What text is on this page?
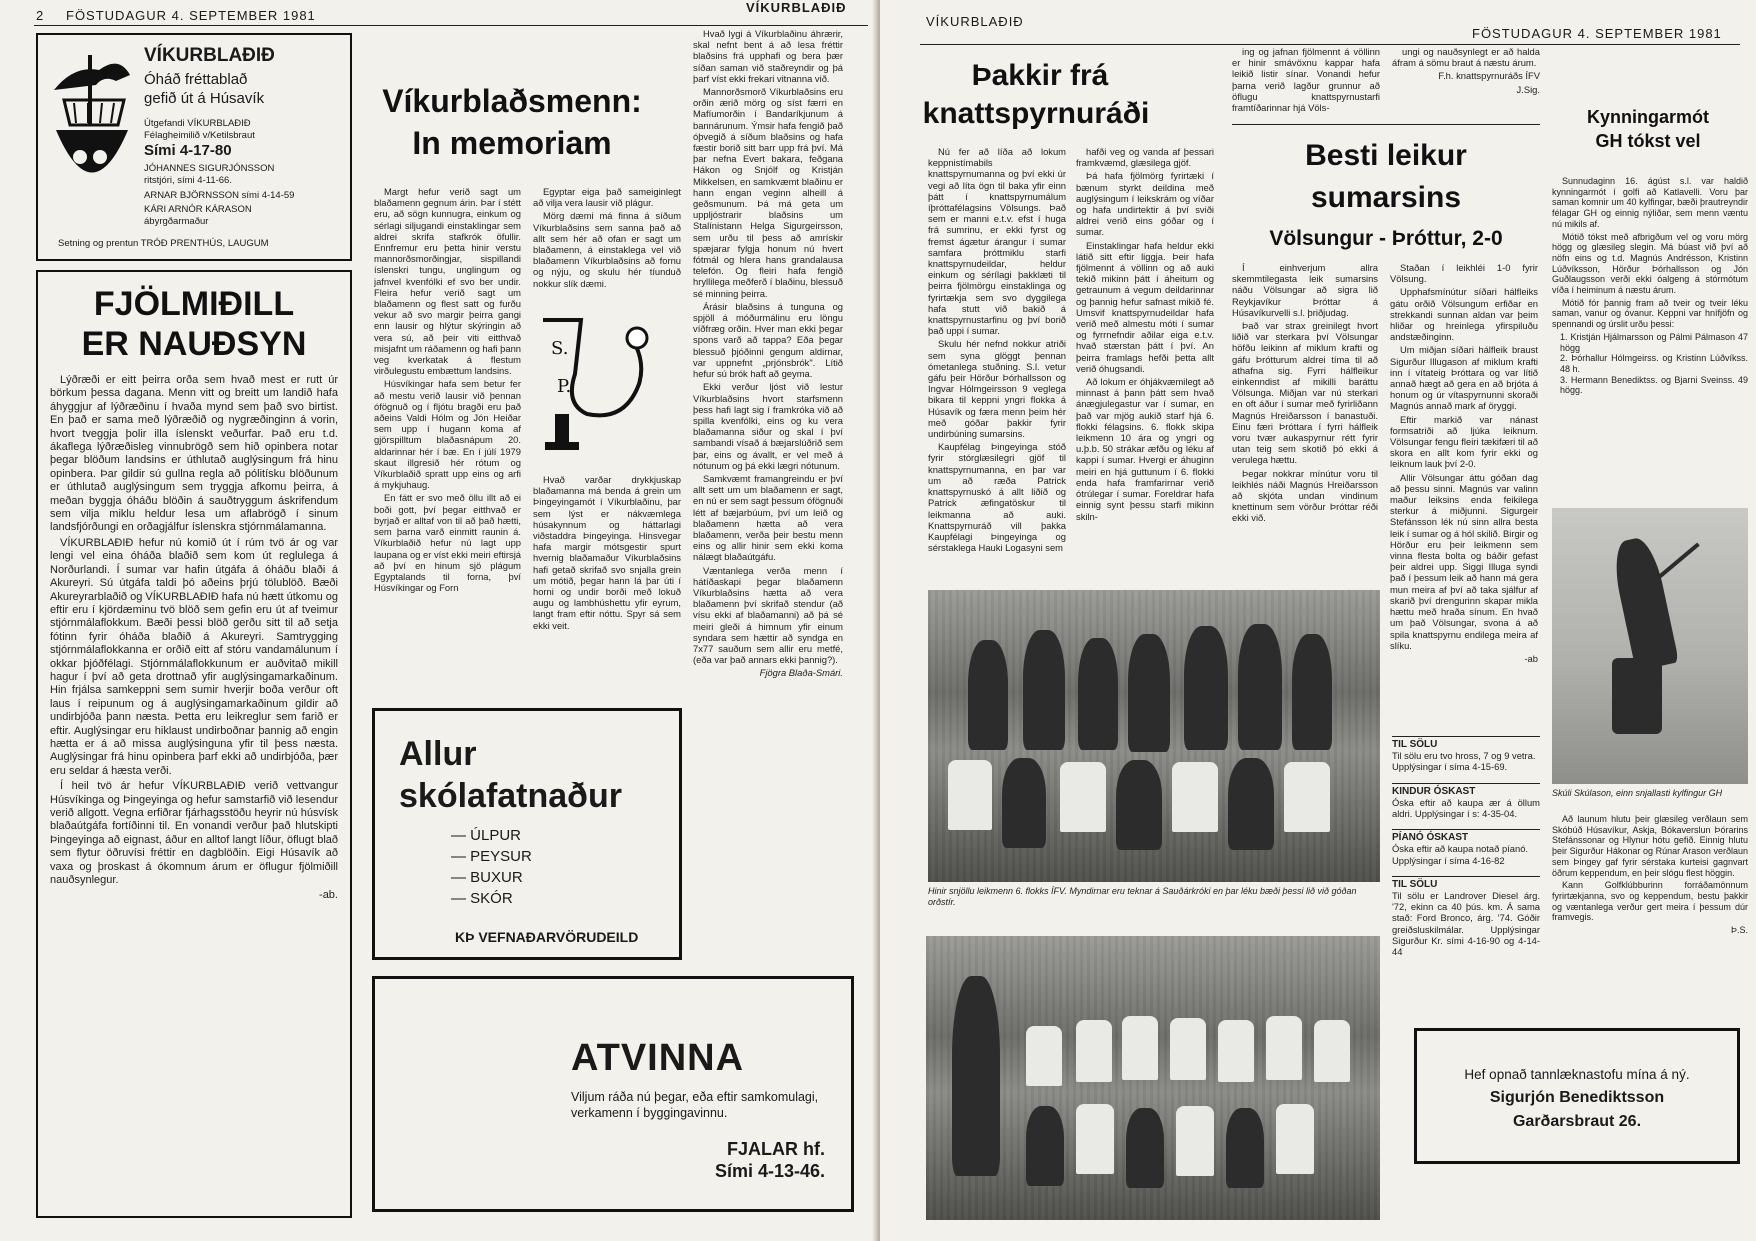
2 FÖSTUDAGUR 4. SEPTEMBER 1981
VÍKURBLAÐIÐ
VÍKURBLAÐIÐ
Óháð fréttablað
gefið út á Húsavík
Útgefandi VÍKURBLAÐIÐ
Félagheimilið v/Ketilsbraut
Sími 4-17-80
JÓHANNES SIGURJÓNSSON
ritstjóri, sími 4-11-66.
ARNAR BJÖRNSSON sími 4-14-59
KÁRI ARNÓR KÁRASON
ábyrgðarmaður
Setning og prentun TRÓÐ PRENTHÚS, LAUGUM
FJÖLMIÐILL
ER NAUÐSYN

Lýðræði er eitt þeirra orða sem hvað mest er rutt úr börkum þessa dagana. Menn vitt og breitt um landið hafa áhyggjur af lýðræðinu í hvaða mynd sem það svo birtist. En það er sama með lýðræðið og nygræðinginn á vorin, hvort tveggja þolir illa íslenskt veðurfar. Það eru t.d. ákaflega lýðræðisleg vinnubrögð sem hið opinbera notar þegar blöðum landsins er úthlutað auglýsingum frá hinu opinbera. Þar gildir sú gullna regla að pólitísku blöðunum er úthlutað auglýsingum sem tryggja afkomu þeirra, á meðan byggja óháðu blöðin á sauðtryggum áskrifendum sem vilja miklu heldur lesa um aflabrögð í sinum landsfjórðungi en orðagjálfur íslenskra stjórnmálamanna.

VÍKURBLAÐIÐ hefur nú komið út í rúm tvö ár og var lengi vel eina óháða blaðið sem kom út reglulega á Norðurlandi. Í sumar var hafin útgáfa á óháðu blaði á Akureyri. Sú útgáfa taldi þó aðeins þrjú tölublöð. Bæði Akureyrarblaðið og VÍKURBLAÐIÐ hafa nú hætt útkomu og eftir eru í kjördæminu tvö blöð sem gefin eru út af tveimur stjórnmálaflokkum. Bæði þessi blöð gerðu sitt til að setja fótinn fyrir óháða blaðið á Akureyri. Samtrygging stjórnmálaflokkanna er orðið eitt af stóru vandamálunum í okkar þjóðfélagi. Stjórnmálaflokkunum er auðvitað mikill hagur í því að geta drottnað yfir auglýsingamarkaðinum. Hin frjálsa samkeppni sem sumir hverjir boða verður oft laus í reipunum og á auglýsingamarkaðinum gildir að undirbjóða þann næsta. Þetta eru leikreglur sem farið er eftir. Auglýsingar eru hiklaust undirboðnar þannig að engin hætta er á að missa auglýsinguna yfir til þess næsta. Auglýsingar frá hinu opinbera þarf ekki að undirbjóða, þær eru seldar á hæsta verði.

Í heil tvö ár hefur VÍKURBLAÐIÐ verið vettvangur Húsvíkinga og Þingeyinga og hefur samstarfið við lesendur verið allgott. Vegna erfiðrar fjárhagsstöðu heyrir nú húsvísk blaðaútgáfa fortíðinni til. En vonandi verður það hlutskipti Þingeyinga að eignast, áður en alltof langt líður, öflugt blað sem flytur öðruvísi fréttir en dagblöðin. Eigi Húsavík að vaxa og þroskast á ókomnum árum er öflugur fjölmiðill nauðsynlegur.

-ab.

Víkurblaðsmenn:
In memoriam

Margt hefur verið sagt um blaðamenn gegnum árin. Þar í stétt eru, að sögn kunnugra, einkum og sérlagi siljugandi einstaklingar sem aldrei skrifa stafkrók öfullir. Ennfremur eru þetta hinir verstu mannorðsmorðingjar, sispillandi íslenskri tungu, unglingum og jafnvel kvenfólki ef svo ber undir. Fleira hefur verið sagt um blaðamenn og flest satt og furðu vekur að svo margir þeirra gangi enn lausir og hlýtur skýringin að vera sú, að þeir viti eitthvað misjafnt um ráðamenn og hafi þann veg kverkatak á flestum virðulegustu embættum landsins.

Húsvíkingar hafa sem betur fer að mestu verið lausir við þennan ófögnuð og í fljótu bragði eru það aðeins Valdi Hólm og Jón Heiðar sem upp í hugann koma af gjörspilltum blaðasnápum 20. aldarinnar hér í bæ. En í júlí 1979 skaut illgresið hér rótum og Víkurblaðið spratt upp eins og arfi á mykjuhaug.

En fátt er svo með öllu illt að ei boði gott, því þegar eitthvað er byrjað er alltaf von til að það hætti, sem þarna varð einmitt raunin á. Víkurblaðið hefur nú lagt upp laupana og er víst ekki meiri eftirsjá að því en hinum sjö plágum Egyptalands til forna, því Húsvíkingar og Forn

Egyptar eiga það sameiginlegt að vilja vera lausir við plágur.

Mörg dæmi má finna á síðum Víkurblaðsins sem sanna það að allt sem hér að ofan er sagt um blaðamenn, á einstaklega vel við blaðamenn Víkurblaðsins að fornu og nýju, og skulu hér tíunduð nokkur slík dæmi.

S.
P.

Hvað varðar drykkjuskap blaðamanna má benda á grein um Þingeyingamót í Víkurblaðinu, þar sem lýst er nákvæmlega húsakynnum og háttarlagi viðstaddra Þingeyinga. Hinsvegar hafa margir mótsgestir spurt hvernig blaðamaður Víkurblaðsins hafi getað skrifað svo snjalla grein um mótið, þegar hann lá þar úti í horni og undir borði með lokuð augu og lambhúshettu yfir eyrum, langt fram eftir nóttu. Spyr sá sem ekki veit.

Hvað lygi á Víkurblaðinu áhrærir, skal nefnt bent á að lesa fréttir blaðsins frá upphafi og bera þær síðan saman við staðreyndir og þá þarf víst ekki frekari vitnanna við.

Mannorðsmorð Víkurblaðsins eru orðin ærið mörg og síst færri en Mafíumorðin í Bandaríkjunum á bannárunum. Ýmsir hafa fengið það óþvegið á síðum blaðsins og hafa fæstir borið sitt barr upp frá því. Má þar nefna Evert bakara, feðgana Hákon og Snjólf og Kristján Mikkelsen, en samkvæmt blaðinu er hann engan veginn alheill á geðsmunum. Þá má geta um uppljóstrarir blaðsins um Stalínistann Helga Sigurgeirsson, sem urðu til þess að amrískir spæjarar fylgja honum nú hvert fótmál og hlera hans grandalausa telefón. Og fleiri hafa fengið hryllilega meðferð í blaðinu, blessuð sé minning þeirra.

Árásir blaðsins á tunguna og spjöll á móðurmálinu eru löngu víðfræg orðin. Hver man ekki þegar spons varð að tappa? Eða þegar blessuð þjóðinni gengum aldirnar, var uppnefnt „prjónsbrók". Lítið hefur sú brók haft að geyma.

Ekki verður ljóst við lestur Víkurblaðsins hvort starfsmenn þess hafi lagt sig í framkróka við að spilla kvenfólki, eins og ku vera blaðamanna siður og skal í því sambandi vísað á bæjarslúðrið sem þar, eins og ávallt, er vel með á nótunum og þá ekki lægri nótunum.

Samkvæmt framangreindu er því allt sett um um blaðamenn er sagt, en nú er sem sagt þessum ófögnuði létt af bæjarbúum, því um leið og blaðamenn hætta að vera blaðamenn, verða þeir bestu menn eins og allir hinir sem ekki koma nálægt blaðaútgáfu.

Væntanlega verða menn í hátíðaskapi þegar blaðamenn Víkurblaðsins hætta að vera blaðamenn því skrifað stendur (að vísu ekki af blaðamanni) að þá sé meiri gleði á himnum yfir einum syndara sem hættir að syndga en 7x77 sauðum sem allir eru metfé, (eða var það annars ekki þannig?).

Fjögra Blaða-Smári.

Allur
skólafatnaður
— ÚLPUR
— PEYSUR
— BUXUR
— SKÓR
KÞ VEFNAÐARVÖRUDEILD
ATVINNA
Viljum ráða nú þegar, eða eftir samkomulagi, verkamenn í byggingavinnu.
FJALAR hf.
Sími 4-13-46.
VÍKURBLAÐIÐ
FÖSTUDAGUR 4. SEPTEMBER 1981
Þakkir frá
knattspyrnuráði

Nú fer að líða að lokum keppnistímabils knattspyrnumanna og því ekki úr vegi að líta ögn til baka yfir einn þátt í knattspyrnumálum íþróttafélagsins Völsungs. Það sem er manni e.t.v. efst í huga frá sumrinu, er ekki fyrst og fremst ágætur árangur í sumar samfara þróttmiklu starfi knattspyrnudeildar, heldur einkum og sérílagi þakklæti til þeirra fjölmörgu einstaklinga og fyrirtækja sem svo dyggilega hafa stutt við bakið á knattspyrnustarfinu og því borið það uppi í sumar.

Skulu hér nefnd nokkur atriði sem syna glöggt þennan ómetanlega stuðning. S.l. vetur gáfu þeir Hörður Þórhallsson og Ingvar Hólmgeirsson 9 veglega bikara til keppni yngri flokka á Húsavík og færa menn þeim hér með góðar þakkir fyrir undirbúning sumarsins.

Kaupfélag Þingeyinga stóð fyrir stórglæsilegri gjöf til knattspyrnumanna, en þar var um að ræða Patrick knattspyrnuskó á allt liðið og Patrick æfingatöskur til leikmanna að auki. Knattspyrnuráð vill þakka Kaupfélagi Þingeyinga og sérstaklega Hauki Logasyni sem

hafði veg og vanda af þessari framkvæmd, glæsilega gjöf.

Þá hafa fjölmörg fyrirtæki í bænum styrkt deildina með auglýsingum í leikskrám og víðar og hafa undirtektir á því sviði aldrei verið eins góðar og í sumar.

Einstaklingar hafa heldur ekki látið sitt eftir liggja. Þeir hafa fjölmennt á völlinn og að auki tekið mikinn þátt í áheitum og getraunum á vegum deildarinnar og þannig hefur safnast mikið fé. Umsvif knattspyrnudeildar hafa verið með almestu móti í sumar og fyrrnefndir aðilar eiga e.t.v. hvað stærstan þátt í því. An þeirra framlags hefði þetta allt verið óhugsandi.

Að lokum er óhjákvæmilegt að minnast á þann þátt sem hvað ánægjulegastur var í sumar, en það var mjög aukið starf hjá 6. flokki félagsins. 6. flokk skipa leikmenn 10 ára og yngri og u.þ.b. 50 strákar æfðu og léku af kappi í sumar. Hvergi er áhuginn meiri en hjá guttunum í 6. flokki enda hafa framfarirnar verið ótrúlegar í sumar. Foreldrar hafa einnig synt þessu starfi mikinn skiln-

ing og jafnan fjölmennt á völlinn er hinir smávöxnu kappar hafa leikið listir sínar. Vonandi hefur þarna verið lagður grunnur að öflugu knattspyrnustarfi framtíðarinnar hjá Völs-

ungi og nauðsynlegt er að halda áfram á sömu braut á næstu árum.

F.h. knattspyrnuráðs ÍFV

J.Sig.

Besti leikur
sumarsins
Völsungur - Þróttur, 2-0

Í einhverjum allra skemmtilegasta leik sumarsins náðu Völsungar að sigra lið Reykjavíkur Þróttar á Húsavíkurvelli s.l. þriðjudag.

Það var strax greinilegt hvort liðið var sterkara því Völsungar höfðu leikinn af miklum krafti og gáfu Þrótturum aldrei tíma til að athafna sig. Fyrri hálfleikur einkenndist af mikilli baráttu Völsunga. Miðjan var nú sterkari en oft áður í sumar með fyrirliðann Magnús Hreiðarsson í banastuði. Einu færi Þróttara í fyrri hálfleik voru tvær aukaspyrnur rétt fyrir utan teig sem skotið þó ekki á verulega hættu.

Þegar nokkrar mínútur voru til leikhlés náði Magnús Hreiðarsson að skjóta undan vindinum knettinum sem vörður Þróttar réði ekki við.

Staðan í leikhléi 1-0 fyrir Völsung.

Upphafsmínútur síðari hálfleiks gátu orðið Völsungum erfiðar en strekkandi sunnan aldan var þeim hliðar og hreinlega yfirspiluðu andstæðinginn.

Um miðjan síðari hálfleik braust Sigurður Illugason af miklum krafti inn í vítateig Þróttara og var lítið annað hægt að gera en að brjóta á honum og úr vítaspyrnunni skoraði Magnús annað mark af öryggi.

Eftir markið var nánast formsatriði að ljúka leiknum. Völsungar fengu fleiri tækifæri til að skora en allt kom fyrir ekki og leiknum lauk því 2-0.

Allir Völsungar áttu góðan dag að þessu sinni. Magnús var valinn maður leiksins enda feikilega sterkur á miðjunni. Sigurgeir Stefánsson lék nú sinn allra besta leik í sumar og á hól skilið. Birgir og Hörður eru þeir leikmenn sem vinna flesta bolta og báðir gefast þeir aldrei upp. Siggi Illuga syndi það í þessum leik að hann má gera mun meira af því að taka sjálfur af skarið því drengurinn skapar mikla hættu með hraða sínum. En hvað um það Völsungar, svona á að spila knattspyrnu endilega meira af slíku.

-ab

Hinir snjöllu leikmenn 6. flokks ÍFV. Myndirnar eru teknar á Sauðárkróki en þar léku bæði þessi lið við góðan orðstír.
TIL SÖLU
Til sölu eru tvo hross, 7 og 9 vetra.
Upplýsingar í síma 4-15-69.
KINDUR ÓSKAST
Óska eftir að kaupa ær á öllum aldri. Upplýsingar í s: 4-35-04.
PÍANÓ ÓSKAST
Óska eftir að kaupa notað píanó.
Upplýsingar í síma 4-16-82
TIL SÖLU
Til sölu er Landrover Diesel árg. '72, ekinn ca 40 þús. km. Á sama stað: Ford Bronco, árg. '74. Góðir greiðsluskilmálar. Upplýsingar Sigurður Kr. sími 4-16-90 og 4-14-44
Kynningarmót
GH tókst vel

Sunnudaginn 16. ágúst s.l. var haldið kynningarmót í golfi að Katlavelli. Voru þar saman komnir um 40 kylfingar, bæði þrautreyndir félagar GH og einnig nýliðar, sem menn væntu nú mikils af.

Mótið tókst með afbrigðum vel og voru mörg högg og glæsileg slegin. Má búast við því að nöfn eins og t.d. Magnús Andrésson, Kristinn Lúðvíksson, Hörður Þórhallsson og Jón Guðlaugsson verði ekki óalgeng á stórmótum víða í heiminum á næstu árum.

Mótið fór þannig fram að tveir og tveir léku saman, vanur og óvanur. Keppni var hnífjöfn og spennandi og úrslit urðu þessi:

1. Kristján Hjálmarsson og Pálmi Pálmason 47 högg
2. Þórhallur Hólmgeirss. og Kristinn Lúðvíkss. 48 h.
3. Hermann Benediktss. og Bjarni Sveinss. 49 högg.
Skúli Skúlason, einn snjallasti kylfingur GH

Að launum hlutu þeir glæsileg verðlaun sem Skóbúð Húsavíkur, Askja, Bókaverslun Þórarins Stefánssonar og Hlynur hótu gefið. Einnig hlutu þeir Sigurður Hákonar og Rúnar Arason verðlaun sem Þingey gaf fyrir sérstaka kurteisi gagnvart öðrum keppendum, en þeir slógu flest höggin.

Kann Golfklúbburinn forráðamönnum fyrirtækjanna, svo og keppendum, bestu þakkir og væntanlega verður gert meira í þessum dúr framvegis.

Þ.S.

Hef opnað tannlæknastofu mína á ný.
Sigurjón Benediktsson
Garðarsbraut 26.
